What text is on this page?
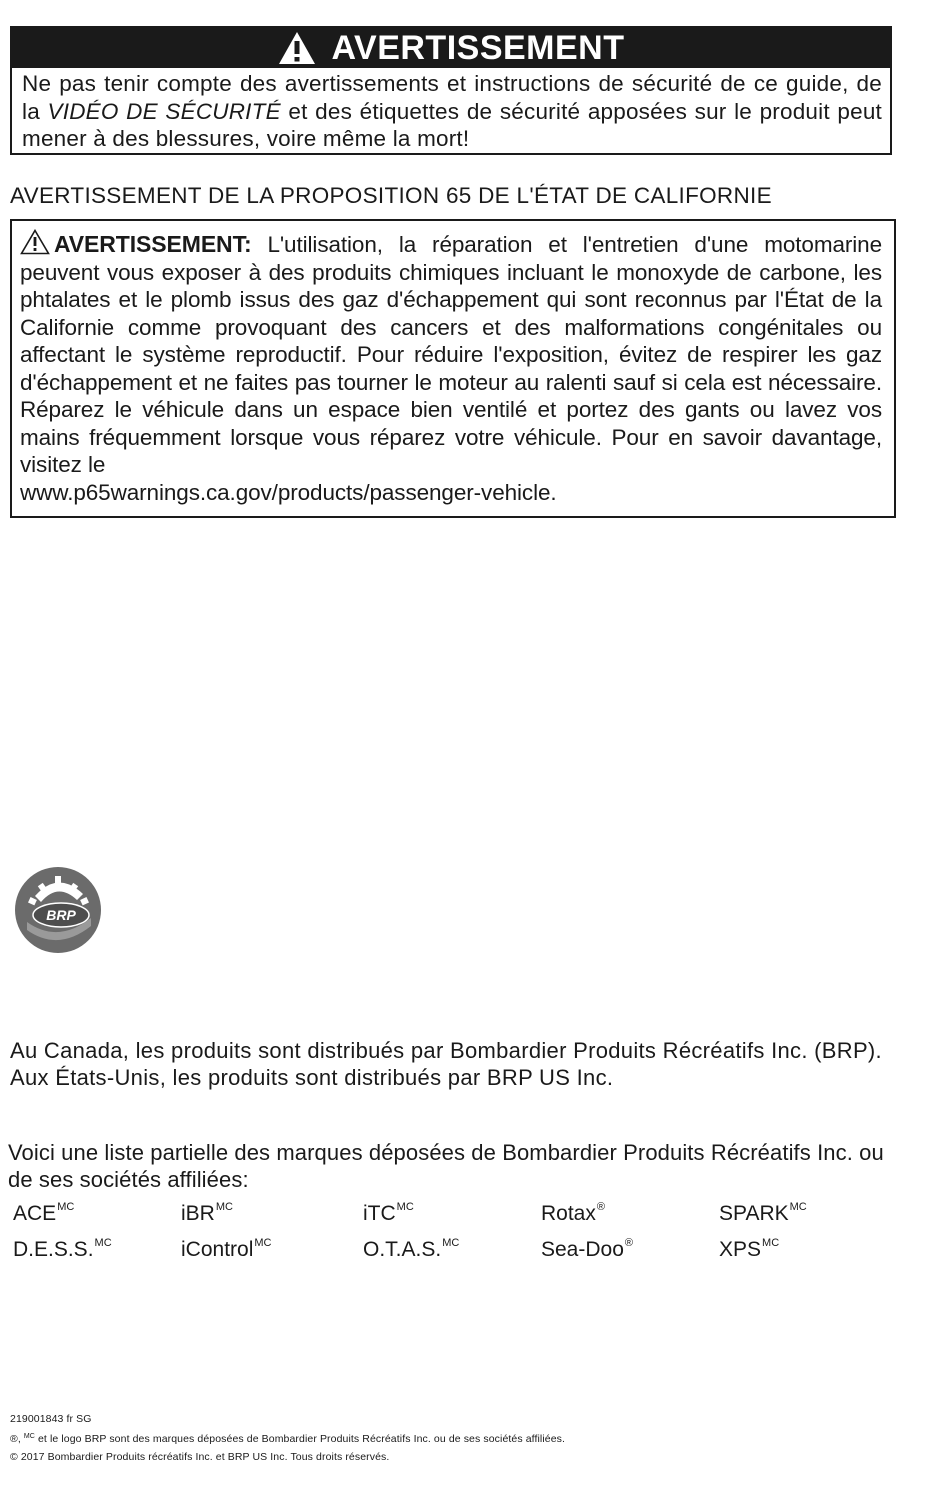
AVERTISSEMENT
Ne pas tenir compte des avertissements et instructions de sécurité de ce guide, de la VIDÉO DE SÉCURITÉ et des étiquettes de sécurité apposées sur le produit peut mener à des blessures, voire même la mort!
AVERTISSEMENT DE LA PROPOSITION 65 DE L'ÉTAT DE CALIFORNIE
AVERTISSEMENT: L'utilisation, la réparation et l'entretien d'une motomarine peuvent vous exposer à des produits chimiques incluant le monoxyde de carbone, les phtalates et le plomb issus des gaz d'échappement qui sont reconnus par l'État de la Californie comme provoquant des cancers et des malformations congénitales ou affectant le système reproductif. Pour réduire l'exposition, évitez de respirer les gaz d'échappement et ne faites pas tourner le moteur au ralenti sauf si cela est nécessaire. Réparez le véhicule dans un espace bien ventilé et portez des gants ou lavez vos mains fréquemment lorsque vous réparez votre véhicule. Pour en savoir davantage, visitez le
www.p65warnings.ca.gov/products/passenger-vehicle.
BRP

Au Canada, les produits sont distribués par Bombardier Produits Récréatifs Inc. (BRP).

Aux États-Unis, les produits sont distribués par BRP US Inc.

Voici une liste partielle des marques déposées de Bombardier Produits Récréatifs Inc. ou de ses sociétés affiliées:
$ACE^{MC}$	iBR$^{MC}$	iTC$^{MC}$	Rotax®	$SPARK^{MC}$
D.E.S.S.$^{MC}$	iControl$^{MC}$	O.T.A.S.$^{MC}$	Sea-Doo®	$XPS^{MC}$
219001843 fr SG
®, $^{MC}$ et le logo BRP sont des marques déposées de Bombardier Produits Récréatifs Inc. ou de ses sociétés affiliées.
© 2017 Bombardier Produits récréatifs Inc. et BRP US Inc. Tous droits réservés.
